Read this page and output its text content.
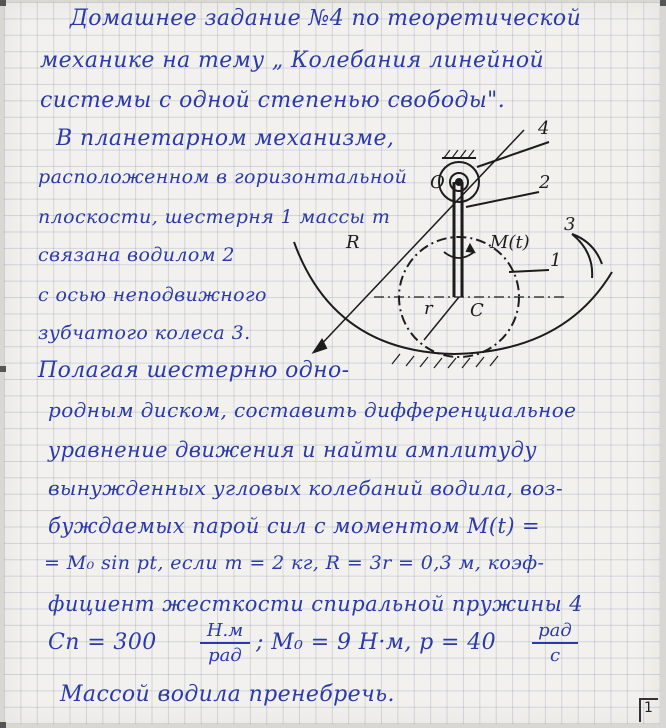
Домашнее задание №4 по теоретической
механике на тему „ Колебания линейной
системы с одной степенью свободы".
В планетарном механизме,
расположенном в горизонтальной
плоскости, шестерня 1 массы m
связана водилом 2
с осью неподвижного
зубчатого колеса 3.
Полагая шестерню одно-
родным диском, составить дифференциальное
уравнение движения и найти амплитуду
вынужденных угловых колебаний водила, воз-
буждаемых парой сил с моментом M(t) =
= M₀ sin pt, если m = 2 кг, R = 3r = 0,3 м, коэф-
фициент жесткости спиральной пружины 4
Cп = 300	Н.м
рад
; M₀ = 9 Н·м, p = 40	рад
с
Массой водила пренебречь.
4
2
M(t)
3
1
R
r
O
C
1
